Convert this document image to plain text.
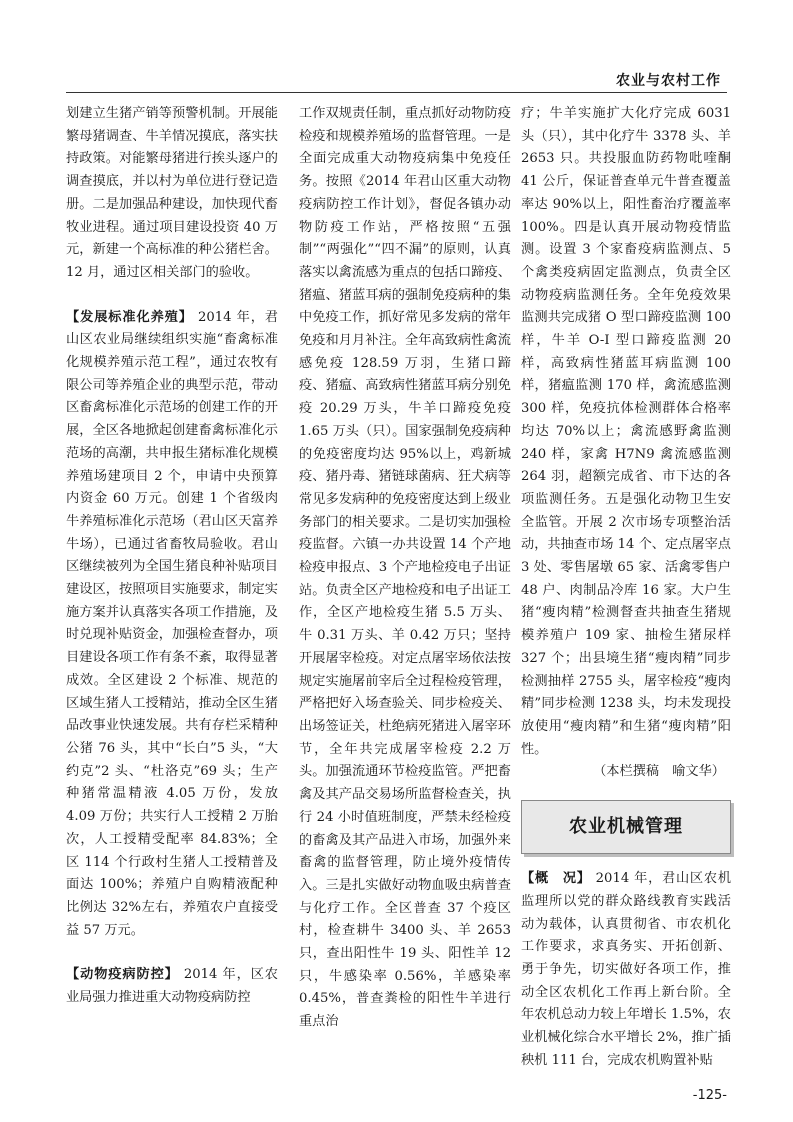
农业与农村工作

划建立生猪产销等预警机制。开展能繁母猪调查、牛羊情况摸底，落实扶持政策。对能繁母猪进行挨头逐户的调查摸底，并以村为单位进行登记造册。二是加强品种建设，加快现代畜牧业进程。通过项目建设投资 40 万元，新建一个高标准的种公猪栏舍。12 月，通过区相关部门的验收。

【发展标准化养殖】 2014 年，君山区农业局继续组织实施“畜禽标准化规模养殖示范工程”，通过农牧有限公司等养殖企业的典型示范，带动区畜禽标准化示范场的创建工作的开展，全区各地掀起创建畜禽标准化示范场的高潮，共申报生猪标准化规模养殖场建项目 2 个，申请中央预算内资金 60 万元。创建 1 个省级肉牛养殖标准化示范场（君山区天富养牛场），已通过省畜牧局验收。君山区继续被列为全国生猪良种补贴项目建设区，按照项目实施要求，制定实施方案并认真落实各项工作措施，及时兑现补贴资金，加强检查督办，项目建设各项工作有条不紊，取得显著成效。全区建设 2 个标准、规范的区域生猪人工授精站，推动全区生猪品改事业快速发展。共有存栏采精种公猪 76 头，其中“长白”5 头，“大约克”2 头、“杜洛克”69 头；生产种猪常温精液 4.05 万份，发放 4.09 万份；共实行人工授精 2 万胎次，人工授精受配率 84.83%；全区 114 个行政村生猪人工授精普及面达 100%；养殖户自购精液配种比例达 32%左右，养殖农户直接受益 57 万元。

【动物疫病防控】 2014 年，区农业局强力推进重大动物疫病防控

工作双规责任制，重点抓好动物防疫检疫和规模养殖场的监督管理。一是全面完成重大动物疫病集中免疫任务。按照《2014 年君山区重大动物疫病防控工作计划》，督促各镇办动物防疫工作站，严格按照“五强制”“两强化”“四不漏”的原则，认真落实以禽流感为重点的包括口蹄疫、猪瘟、猪蓝耳病的强制免疫病种的集中免疫工作，抓好常见多发病的常年免疫和月月补注。全年高致病性禽流感免疫 128.59 万羽，生猪口蹄疫、猪瘟、高致病性猪蓝耳病分别免疫 20.29 万头，牛羊口蹄疫免疫 1.65 万头（只）。国家强制免疫病种的免疫密度均达 95%以上，鸡新城疫、猪丹毒、猪链球菌病、狂犬病等常见多发病种的免疫密度达到上级业务部门的相关要求。二是切实加强检疫监督。六镇一办共设置 14 个产地检疫申报点、3 个产地检疫电子出证站。负责全区产地检疫和电子出证工作，全区产地检疫生猪 5.5 万头、牛 0.31 万头、羊 0.42 万只；坚持开展屠宰检疫。对定点屠宰场依法按规定实施屠前宰后全过程检疫管理，严格把好入场查验关、同步检疫关、出场签证关，杜绝病死猪进入屠宰环节，全年共完成屠宰检疫 2.2 万头。加强流通环节检疫监管。严把畜禽及其产品交易场所监督检查关，执行 24 小时值班制度，严禁未经检疫的畜禽及其产品进入市场，加强外来畜禽的监督管理，防止境外疫情传入。三是扎实做好动物血吸虫病普查与化疗工作。全区普查 37 个疫区村，检查耕牛 3400 头、羊 2653 只，查出阳性牛 19 头、阳性羊 12 只，牛感染率 0.56%，羊感染率 0.45%，普查粪检的阳性牛羊进行重点治

疗；牛羊实施扩大化疗完成 6031 头（只），其中化疗牛 3378 头、羊 2653 只。共投服血防药物吡喹酮 41 公斤，保证普查单元牛普查覆盖率达 90%以上，阳性畜治疗覆盖率 100%。四是认真开展动物疫情监测。设置 3 个家畜疫病监测点、5 个禽类疫病固定监测点，负责全区动物疫病监测任务。全年免疫效果监测共完成猪 O 型口蹄疫监测 100 样，牛羊 O-I 型口蹄疫监测 20 样，高致病性猪蓝耳病监测 100 样，猪瘟监测 170 样，禽流感监测 300 样，免疫抗体检测群体合格率均达 70%以上；禽流感野禽监测 240 样，家禽 H7N9 禽流感监测 264 羽，超额完成省、市下达的各项监测任务。五是强化动物卫生安全监管。开展 2 次市场专项整治活动，共抽查市场 14 个、定点屠宰点 3 处、零售屠墩 65 家、活禽零售户 48 户、肉制品冷库 16 家。大户生猪“瘦肉精”检测督查共抽查生猪规模养殖户 109 家、抽检生猪尿样 327 个；出县境生猪“瘦肉精”同步检测抽样 2755 头，屠宰检疫“瘦肉精”同步检测 1238 头，均未发现投放使用“瘦肉精”和生猪“瘦肉精”阳性。

（本栏撰稿　喻文华）

农业机械管理

【概　况】 2014 年，君山区农机监理所以党的群众路线教育实践活动为载体，认真贯彻省、市农机化工作要求，求真务实、开拓创新、勇于争先，切实做好各项工作，推动全区农机化工作再上新台阶。全年农机总动力较上年增长 1.5%，农业机械化综合水平增长 2%，推广插秧机 111 台，完成农机购置补贴

-125-
